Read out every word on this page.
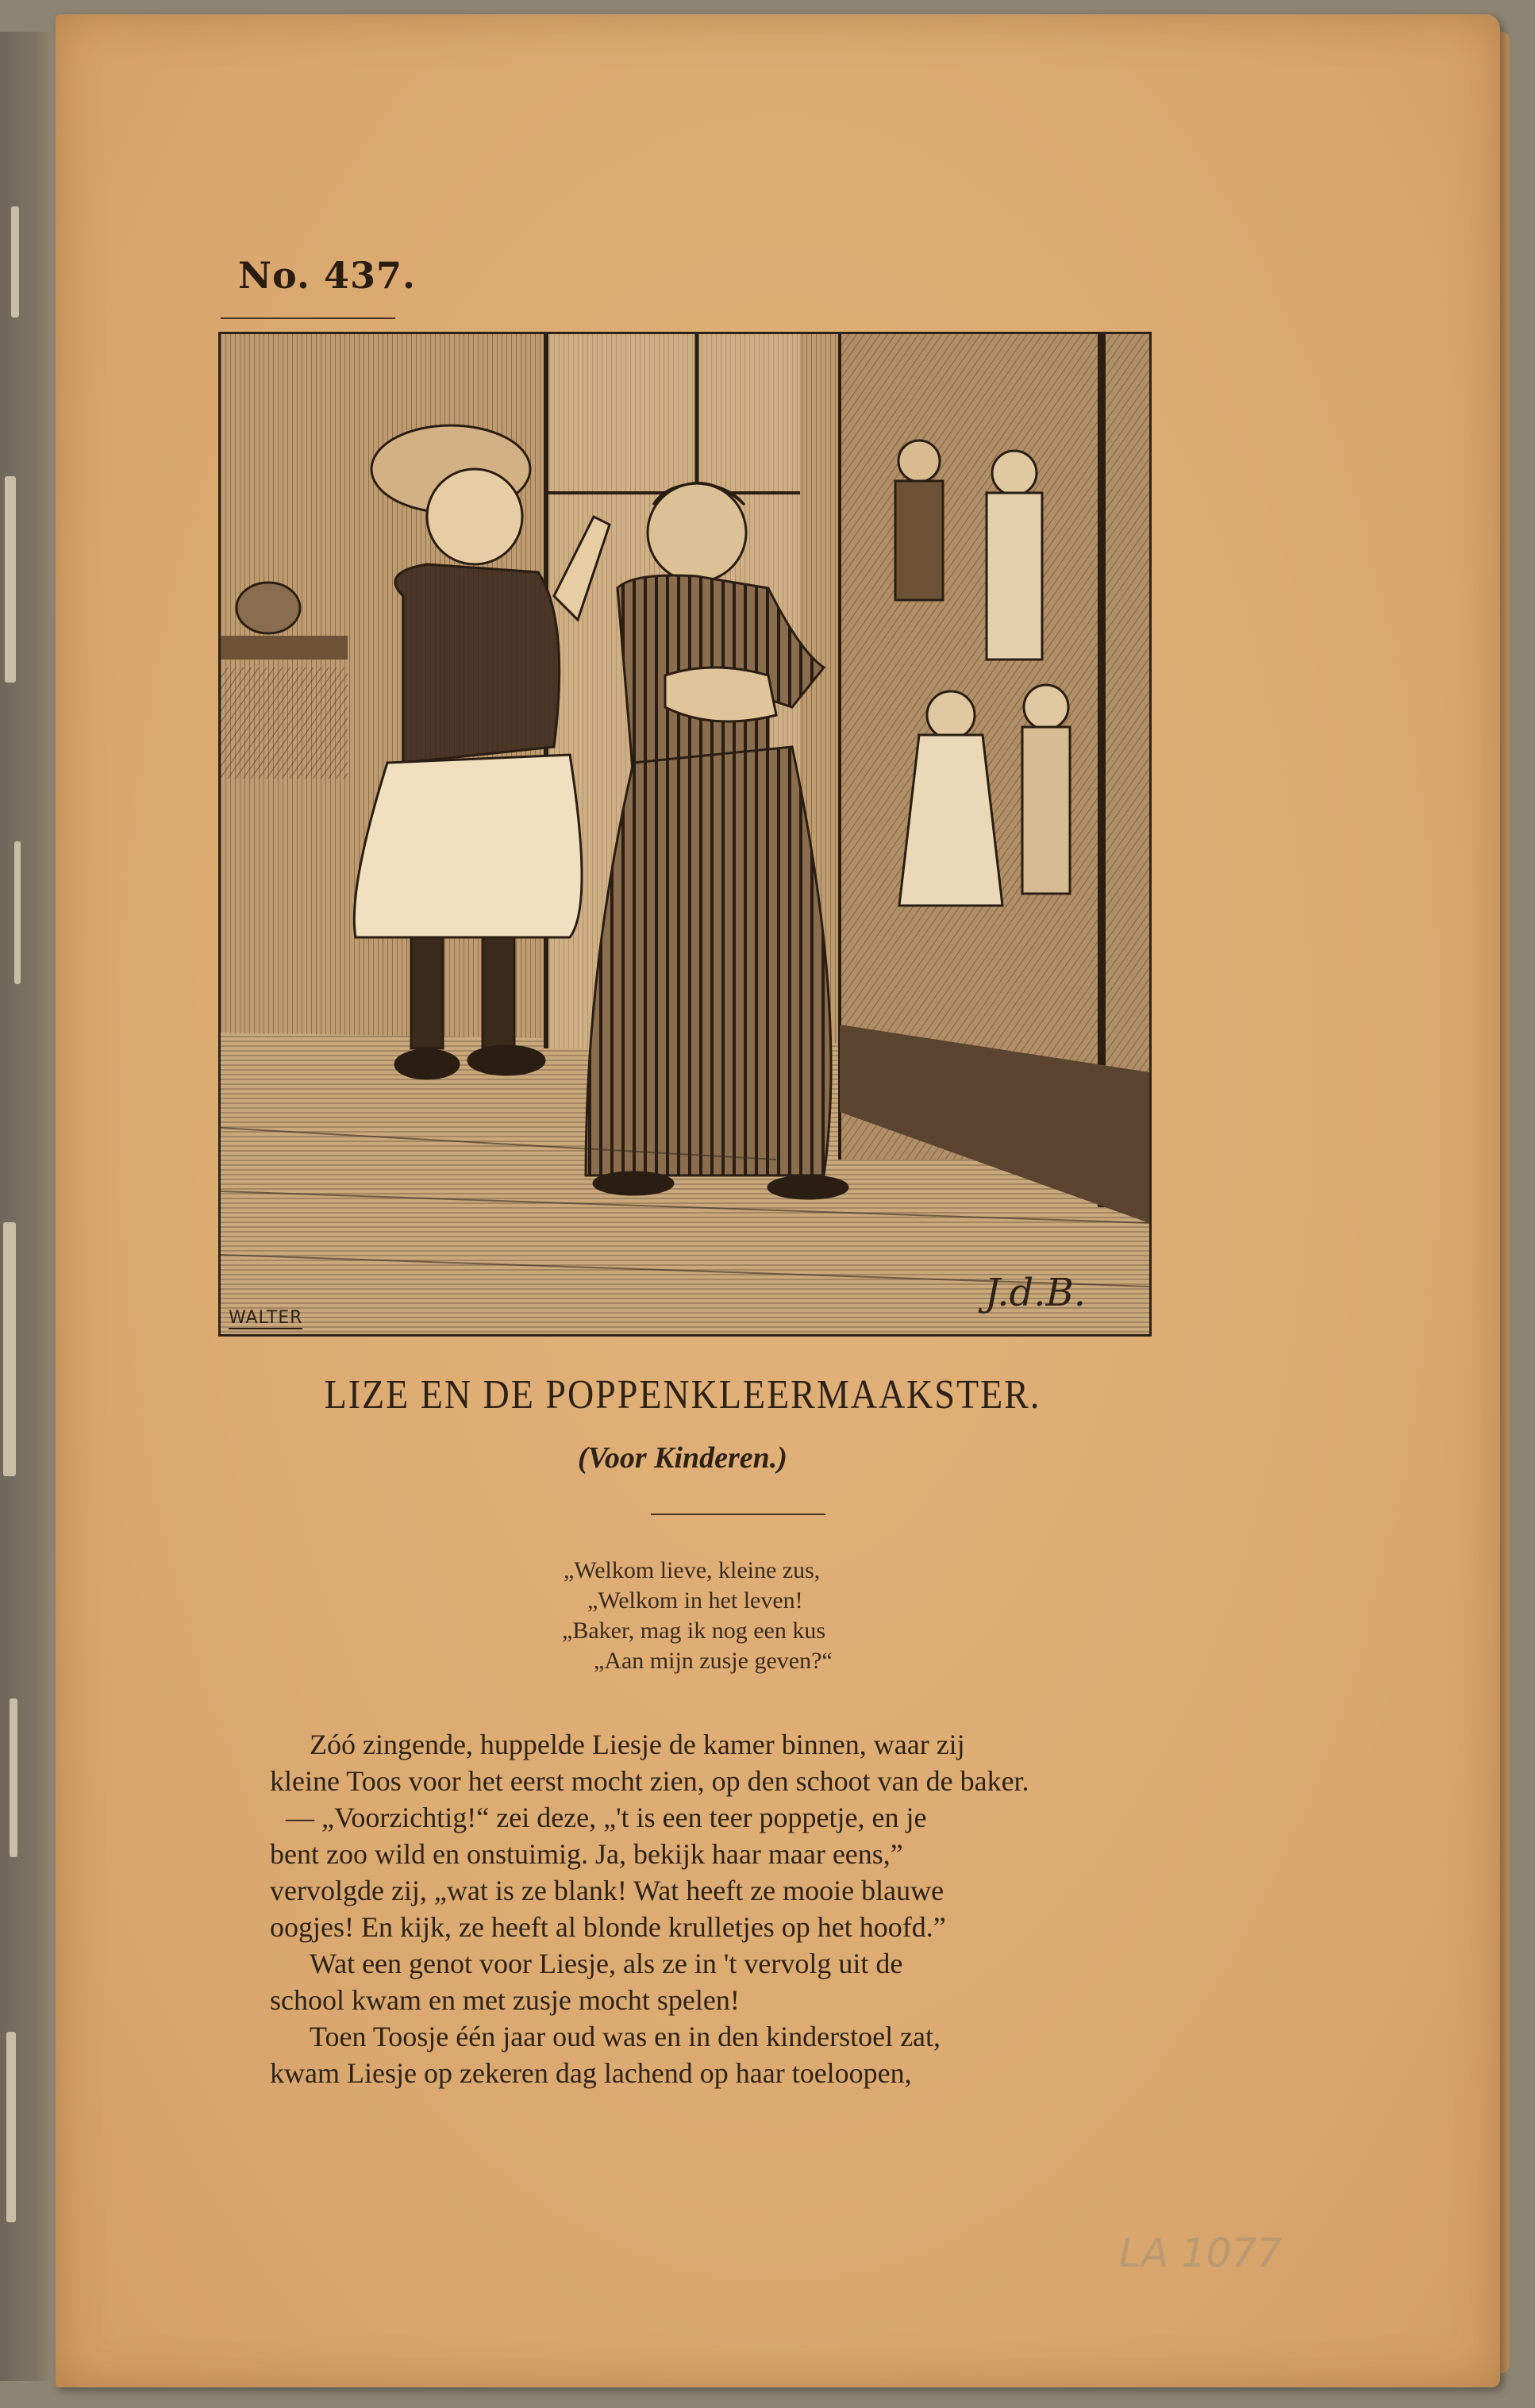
No. 437.
WALTER
J.d.B.
LIZE EN DE POPPENKLEERMAAKSTER.
(Voor Kinderen.)
„Welkom lieve, kleine zus,
„Welkom in het leven!
„Baker, mag ik nog een kus
„Aan mijn zusje geven?“
Zóó zingende, huppelde Liesje de kamer binnen, waar zij
kleine Toos voor het eerst mocht zien, op den schoot van de baker.
— „Voorzichtig!“ zei deze, „'t is een teer poppetje, en je
bent zoo wild en onstuimig. Ja, bekijk haar maar eens,”
vervolgde zij, „wat is ze blank! Wat heeft ze mooie blauwe
oogjes! En kijk, ze heeft al blonde krulletjes op het hoofd.”
Wat een genot voor Liesje, als ze in 't vervolg uit de
school kwam en met zusje mocht spelen!
Toen Toosje één jaar oud was en in den kinderstoel zat,
kwam Liesje op zekeren dag lachend op haar toeloopen,
LA 1077
